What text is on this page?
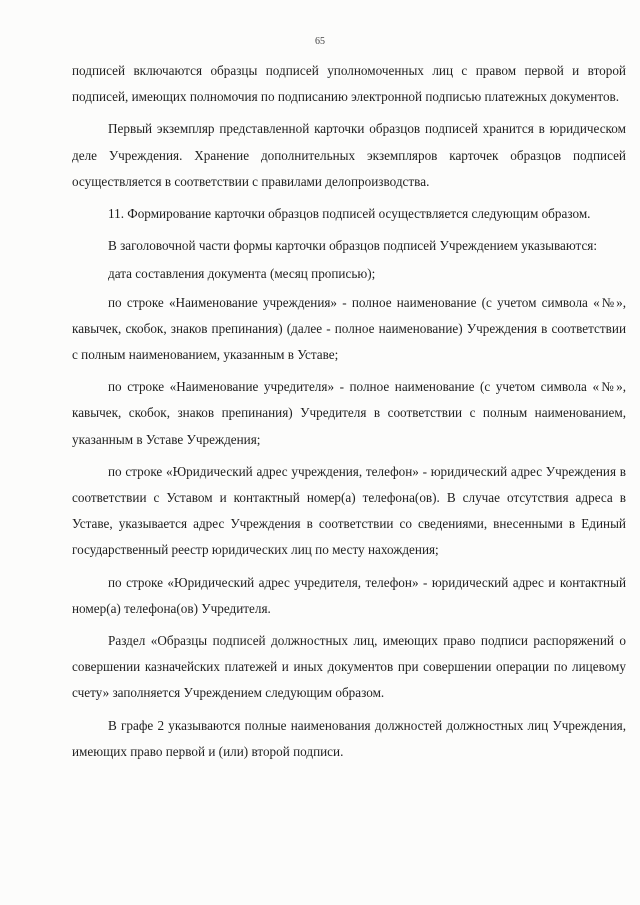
65

подписей включаются образцы подписей уполномоченных лиц с правом первой и второй подписей, имеющих полномочия по подписанию электронной подписью платежных документов.

Первый экземпляр представленной карточки образцов подписей хранится в юридическом деле Учреждения. Хранение дополнительных экземпляров карточек образцов подписей осуществляется в соответствии с правилами делопроизводства.

11. Формирование карточки образцов подписей осуществляется следующим образом.

В заголовочной части формы карточки образцов подписей Учреждением указываются:

дата составления документа (месяц прописью);

по строке «Наименование учреждения» - полное наименование (с учетом символа «№», кавычек, скобок, знаков препинания) (далее - полное наименование) Учреждения в соответствии с полным наименованием, указанным в Уставе;

по строке «Наименование учредителя» - полное наименование (с учетом символа «№», кавычек, скобок, знаков препинания) Учредителя в соответствии с полным наименованием, указанным в Уставе Учреждения;

по строке «Юридический адрес учреждения, телефон» - юридический адрес Учреждения в соответствии с Уставом и контактный номер(а) телефона(ов). В случае отсутствия адреса в Уставе, указывается адрес Учреждения в соответствии со сведениями, внесенными в Единый государственный реестр юридических лиц по месту нахождения;

по строке «Юридический адрес учредителя, телефон» - юридический адрес и контактный номер(а) телефона(ов) Учредителя.

Раздел «Образцы подписей должностных лиц, имеющих право подписи распоряжений о совершении казначейских платежей и иных документов при совершении операции по лицевому счету» заполняется Учреждением следующим образом.

В графе 2 указываются полные наименования должностей должностных лиц Учреждения, имеющих право первой и (или) второй подписи.
